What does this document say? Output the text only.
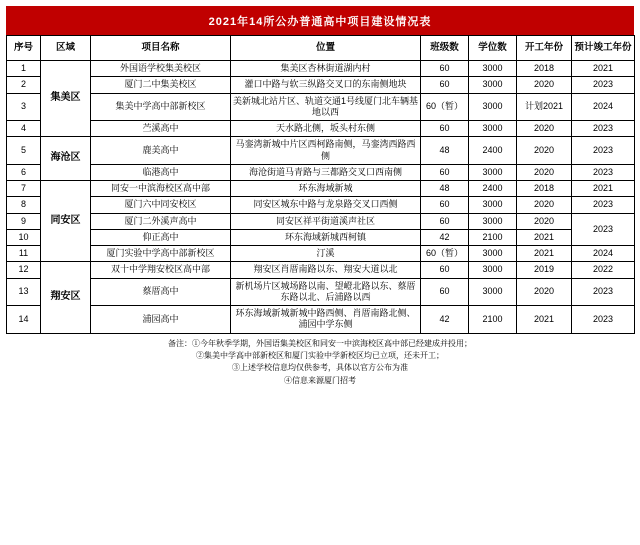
2021年14所公办普通高中项目建设情况表
序号	区域	项目名称	位置	班级数	学位数	开工年份	预计竣工年份
1	集美区	外国语学校集美校区	集美区杏林街道湖内村	60	3000	2018	2021
2		厦门二中集美校区	灌口中路与软三纵路交叉口的东南侧地块	60	3000	2020	2023
3		集美中学高中部新校区	美新城北站片区、轨道交通1号线厦门北车辆基地以西	60（暂）	3000	计划2021	2024
4		苎溪高中	天水路北侧，坂头村东侧	60	3000	2020	2023
5	海沧区	鹿美高中	马銮湾新城中片区西柯路南侧，马銮湾西路西侧	48	2400	2020	2023
6		临港高中	海沧街道马青路与三都路交叉口西南侧	60	3000	2020	2023
7	同安区	同安一中滨海校区高中部	环东海域新城	48	2400	2018	2021
8		厦门六中同安校区	同安区城东中路与龙泉路交叉口西侧	60	3000	2020	2023
9		厦门二外溪声高中	同安区祥平街道溪声社区	60	3000	2020	2023
10		仰正高中	环东海域新城西柯镇	42	2100	2021	
11		厦门实验中学高中部新校区	汀溪	60（暂）	3000	2021	2024
12	翔安区	双十中学翔安校区高中部	翔安区肖厝南路以东、翔安大道以北	60	3000	2019	2022
13		蔡厝高中	新机场片区城场路以南、望嶝北路以东、蔡厝东路以北、后浦路以西	60	3000	2020	2023
14		浦园高中	环东海域新城新城中路西侧、肖厝南路北侧、浦园中学东侧	42	2100	2021	2023
备注：①今年秋季学期，外国语集美校区和同安一中滨海校区高中部已经建成并投用；
②集美中学高中部新校区和厦门实验中学新校区均已立项，还未开工；
③上述学校信息均仅供参考，具体以官方公布为准
④信息来源厦门招考
